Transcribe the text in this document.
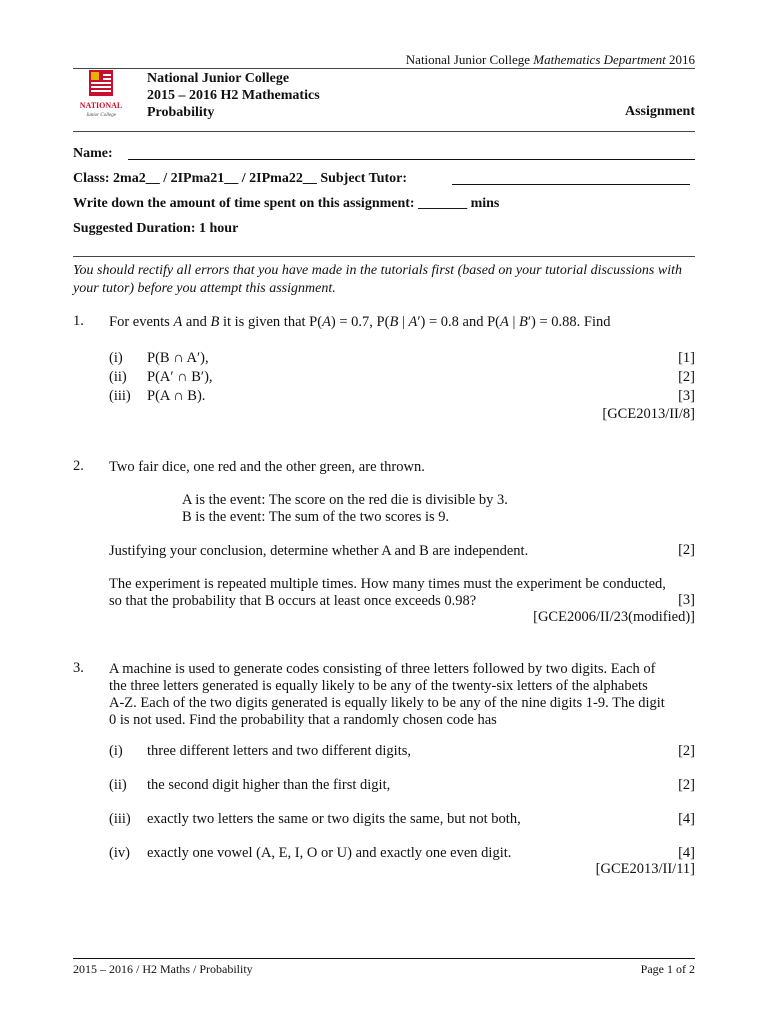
National Junior College Mathematics Department 2016
NATIONAL
Junior College
National Junior College
2015 – 2016 H2 Mathematics
Probability	Assignment
Name:
Class: 2ma2__ / 2IPma21__ / 2IPma22__ Subject Tutor:
Write down the amount of time spent on this assignment: _______ mins
Suggested Duration: 1 hour
You should rectify all errors that you have made in the tutorials first (based on your tutorial discussions with your tutor) before you attempt this assignment.
1. For events A and B it is given that P(A) = 0.7, P(B | A′) = 0.8 and P(A | B′) = 0.88. Find
(i) P(B ∩ A′),	[1]
(ii) P(A′ ∩ B′),	[2]
(iii) P(A ∩ B).	[3]
[GCE2013/II/8]
2. Two fair dice, one red and the other green, are thrown.
A is the event: The score on the red die is divisible by 3.
B is the event: The sum of the two scores is 9.
Justifying your conclusion, determine whether A and B are independent.	[2]
The experiment is repeated multiple times. How many times must the experiment be conducted,
so that the probability that B occurs at least once exceeds 0.98?	[3]
[GCE2006/II/23(modified)]
3. A machine is used to generate codes consisting of three letters followed by two digits. Each of
the three letters generated is equally likely to be any of the twenty-six letters of the alphabets
A-Z. Each of the two digits generated is equally likely to be any of the nine digits 1-9. The digit
0 is not used. Find the probability that a randomly chosen code has
(i) three different letters and two different digits,	[2]
(ii) the second digit higher than the first digit,	[2]
(iii) exactly two letters the same or two digits the same, but not both,	[4]
(iv) exactly one vowel (A, E, I, O or U) and exactly one even digit.	[4]
[GCE2013/II/11]
2015 – 2016 / H2 Maths / Probability	Page 1 of 2
